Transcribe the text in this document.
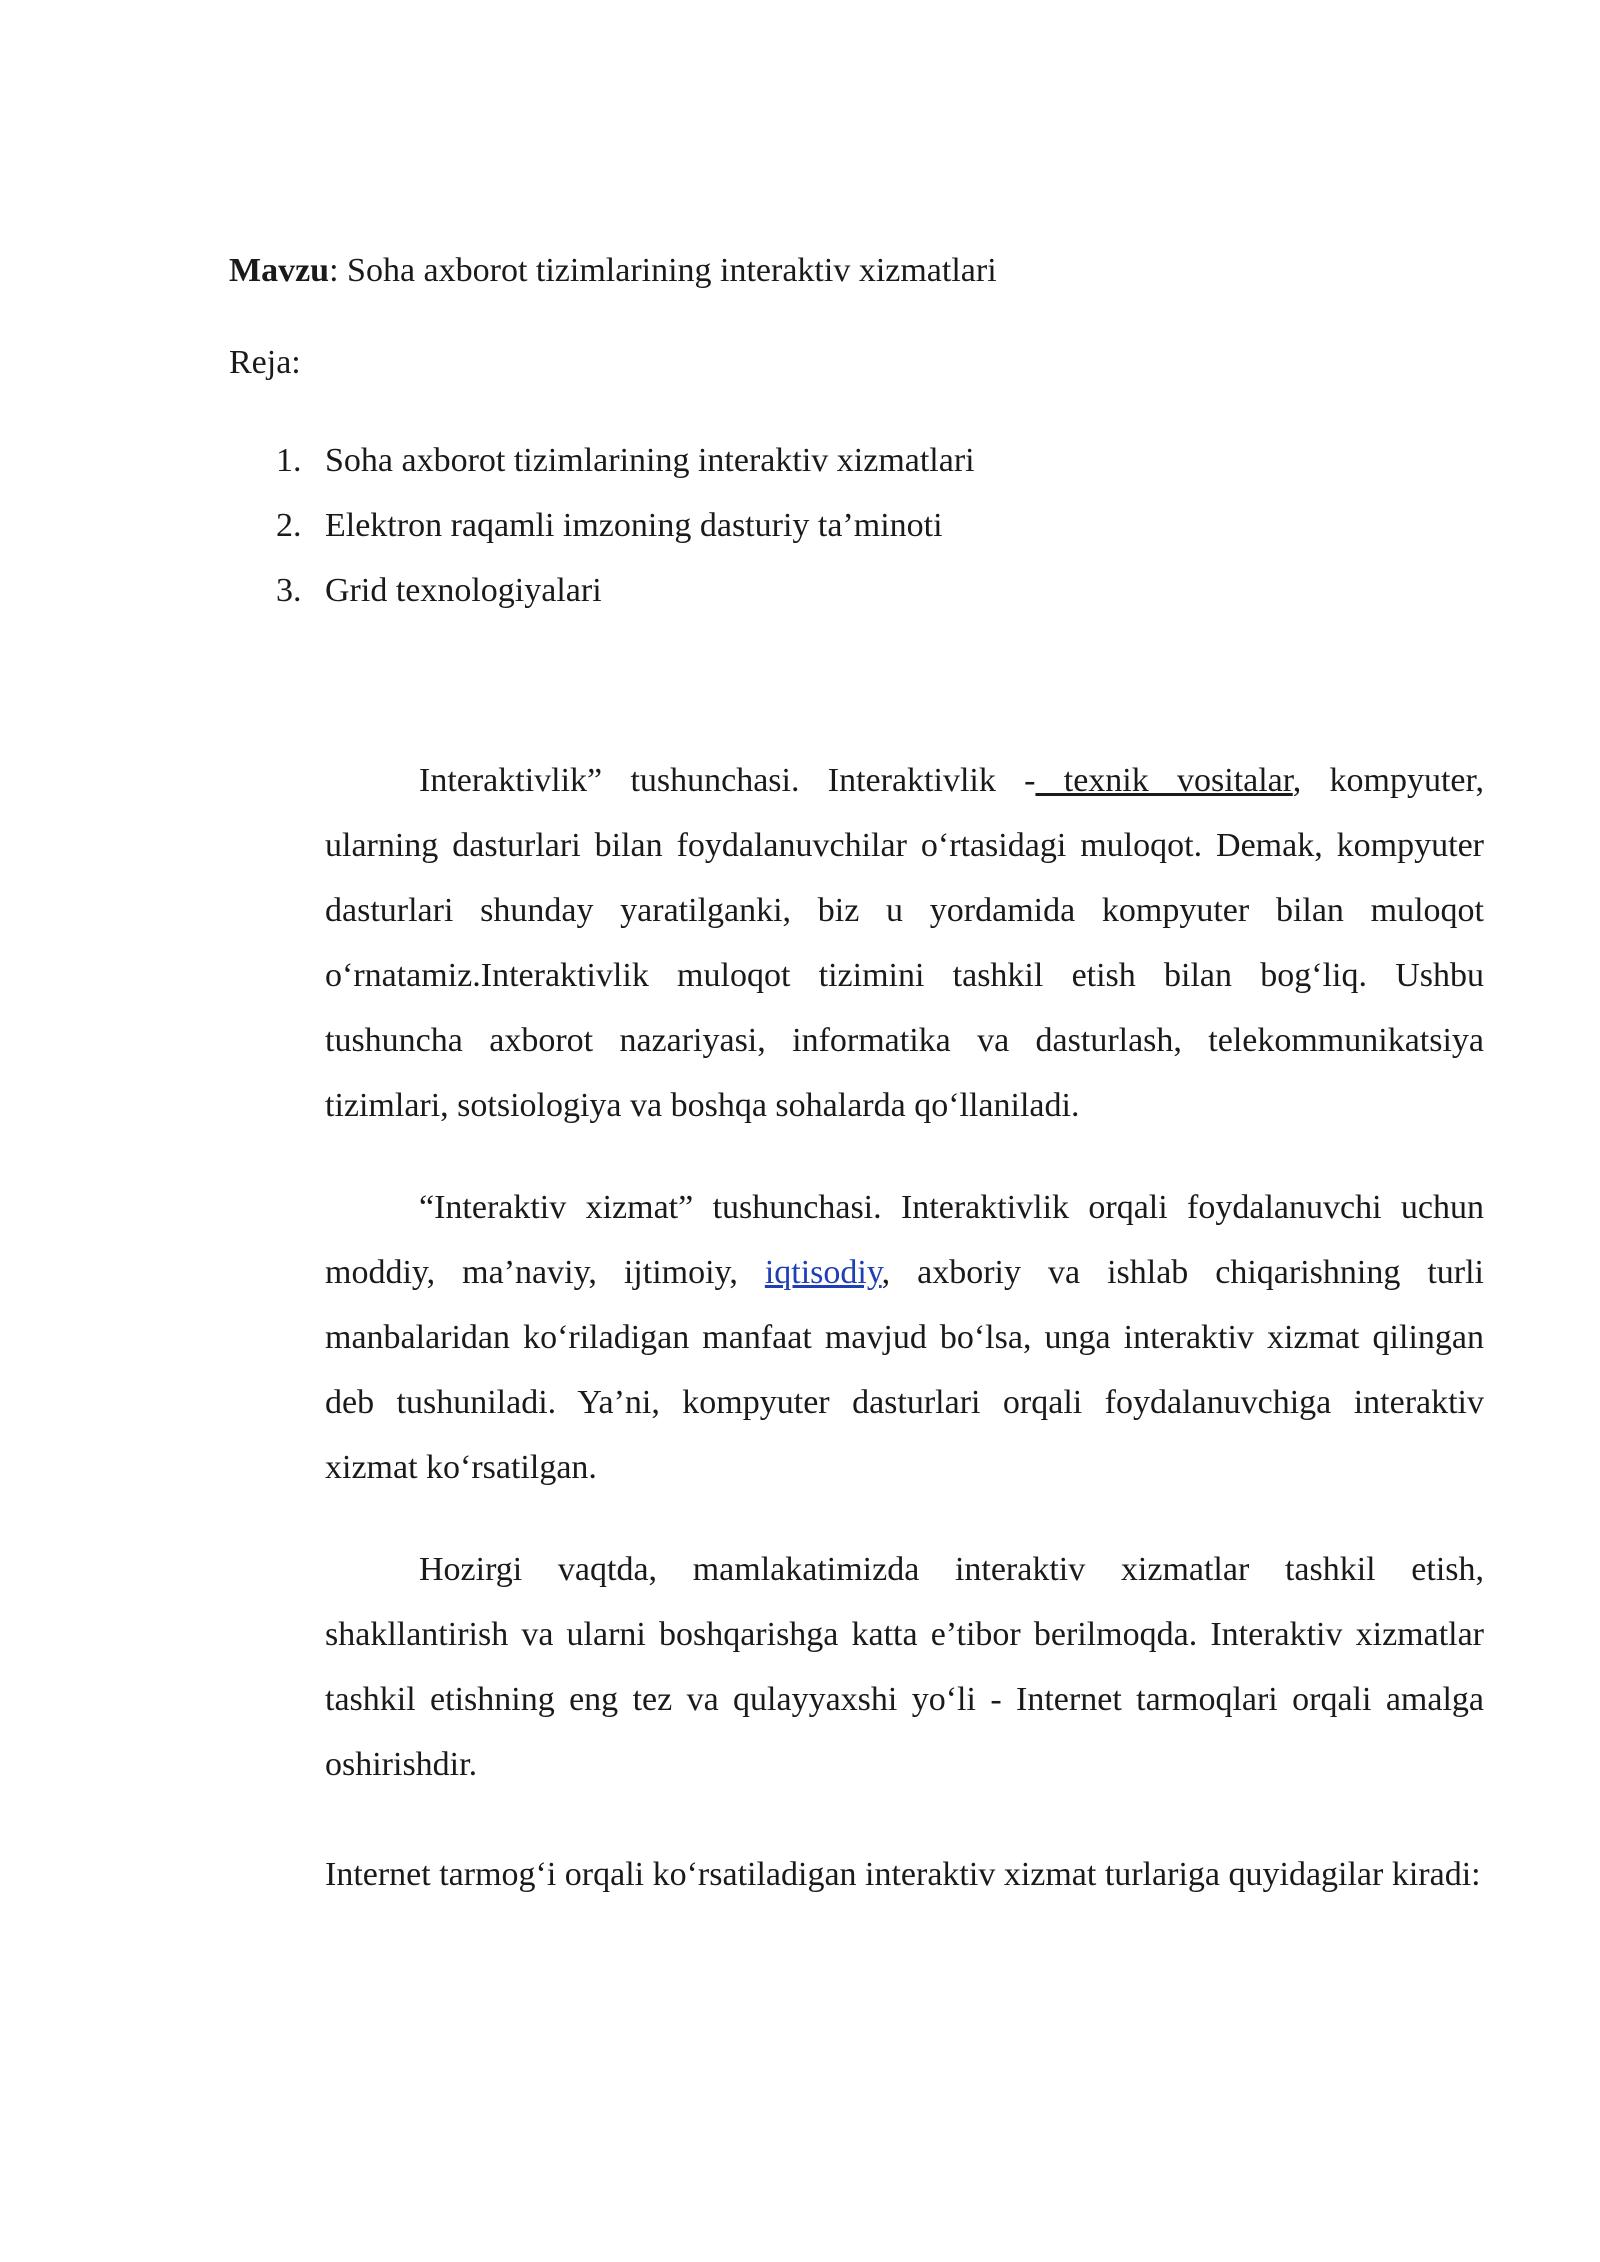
Mavzu: Soha axborot tizimlarining interaktiv xizmatlari
Reja:
1. Soha axborot tizimlarining interaktiv xizmatlari
2. Elektron raqamli imzoning dasturiy ta’minoti
3. Grid texnologiyalari

Interaktivlik” tushunchasi. Interaktivlik - texnik vositalar, kompyuter, ularning dasturlari bilan foydalanuvchilar o‘rtasidagi muloqot. Demak, kompyuter dasturlari shunday yaratilganki, biz u yordamida kompyuter bilan muloqot o‘rnatamiz.Interaktivlik muloqot tizimini tashkil etish bilan bog‘liq. Ushbu tushuncha axborot nazariyasi, informatika va dasturlash, telekommunikatsiya tizimlari, sotsiologiya va boshqa sohalarda qo‘llaniladi.

“Interaktiv xizmat” tushunchasi. Interaktivlik orqali foydalanuvchi uchun moddiy, ma’naviy, ijtimoiy, iqtisodiy, axboriy va ishlab chiqarishning turli manbalaridan ko‘riladigan manfaat mavjud bo‘lsa, unga interaktiv xizmat qilingan deb tushuniladi. Ya’ni, kompyuter dasturlari orqali foydalanuvchiga interaktiv xizmat ko‘rsatilgan.

Hozirgi vaqtda, mamlakatimizda interaktiv xizmatlar tashkil etish, shakllantirish va ularni boshqarishga katta e’tibor berilmoqda. Interaktiv xizmatlar tashkil etishning eng tez va qulayyaxshi yo‘li - Internet tarmoqlari orqali amalga oshirishdir.

Internet tarmog‘i orqali ko‘rsatiladigan interaktiv xizmat turlariga quyidagilar kiradi:
